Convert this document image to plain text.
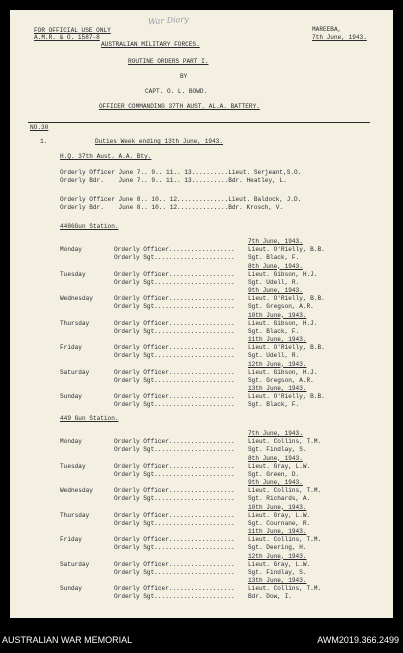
FOR OFFICIAL USE ONLY
A.M.R. & O. 1587-8
War Diary
MAREEBA,
7th June, 1943.
AUSTRALIAN MILITARY FORCES.
ROUTINE ORDERS PART I.
BY
CAPT. O. L. BOWD.
OFFICER COMMANDING 37TH AUST. AL.A. BATTERY.
NO.30
1.	Duties Week ending 13th June, 1943.
H.Q. 37th Aust. A.A. Bty.
Orderly Officer June 7.. 9.. 11.. 13..........Lieut. Serjeant,S.O.
Orderly Bdr.    June 7.. 9.. 11.. 13..........Bdr. Heatley, L.
Orderly Officer June 8.. 10.. 12..............Lieut. Baldock, J.D.
Orderly Bdr.    June 8.. 10.. 12..............Bdr. Krosch, V.
4486Gun Station.
Monday
7th June, 1943.
Orderly Officer.................. Lieut. O'Rielly, B.B.
Orderly Sgt...................... Sgt. Black, F.
Tuesday
8th June, 1943.
Orderly Officer.................. Lieut. Gibson, H.J.
Orderly Sgt...................... Sgt. Udell, R.
Wednesday
9th June, 1943.
Orderly Officer.................. Lieut. O'Rielly, B.B.
Orderly Sgt...................... Sgt. Gregson, A.R.
Thursday
10th June, 1943.
Orderly Officer.................. Lieut. Gibson, H.J.
Orderly Sgt...................... Sgt. Black, F.
Friday
11th June, 1943.
Orderly Officer.................. Lieut. O'Rielly, B.B.
Orderly Sgt...................... Sgt. Udell, R.
Saturday
12th June, 1943.
Orderly Officer.................. Lieut. Gibson, H.J.
Orderly Sgt...................... Sgt. Gregson, A.R.
Sunday
13th June, 1943.
Orderly Officer.................. Lieut. O'Rielly, B.B.
Orderly Sgt...................... Sgt. Black, F.
449 Gun Station.
Monday
7th June, 1943.
Orderly Officer.................. Lieut. Collins, T.M.
Orderly Sgt...................... Sgt. Findlay, S.
Tuesday
8th June, 1943.
Orderly Officer.................. Lieut. Gray, L.W.
Orderly Sgt...................... Sgt. Green, D.
Wednesday
9th June, 1943.
Orderly Officer.................. Lieut. Collins, T.M.
Orderly Sgt...................... Sgt. Richards, A.
Thursday
10th June, 1943.
Orderly Officer.................. Lieut. Gray, L.W.
Orderly Sgt...................... Sgt. Cournane, R.
Friday
11th June, 1943.
Orderly Officer.................. Lieut. Collins, T.M.
Orderly Sgt...................... Sgt. Deering, H.
Saturday
12th June, 1943.
Orderly Officer.................. Lieut. Gray, L.W.
Orderly Sgt...................... Sgt. Findlay, S.
Sunday
13th June, 1943.
Orderly Officer.................. Lieut. Collins, T.M.
Orderly Sgt...................... Bdr. Dow, I.
AUSTRALIAN WAR MEMORIAL	AWM2019.366.2499
